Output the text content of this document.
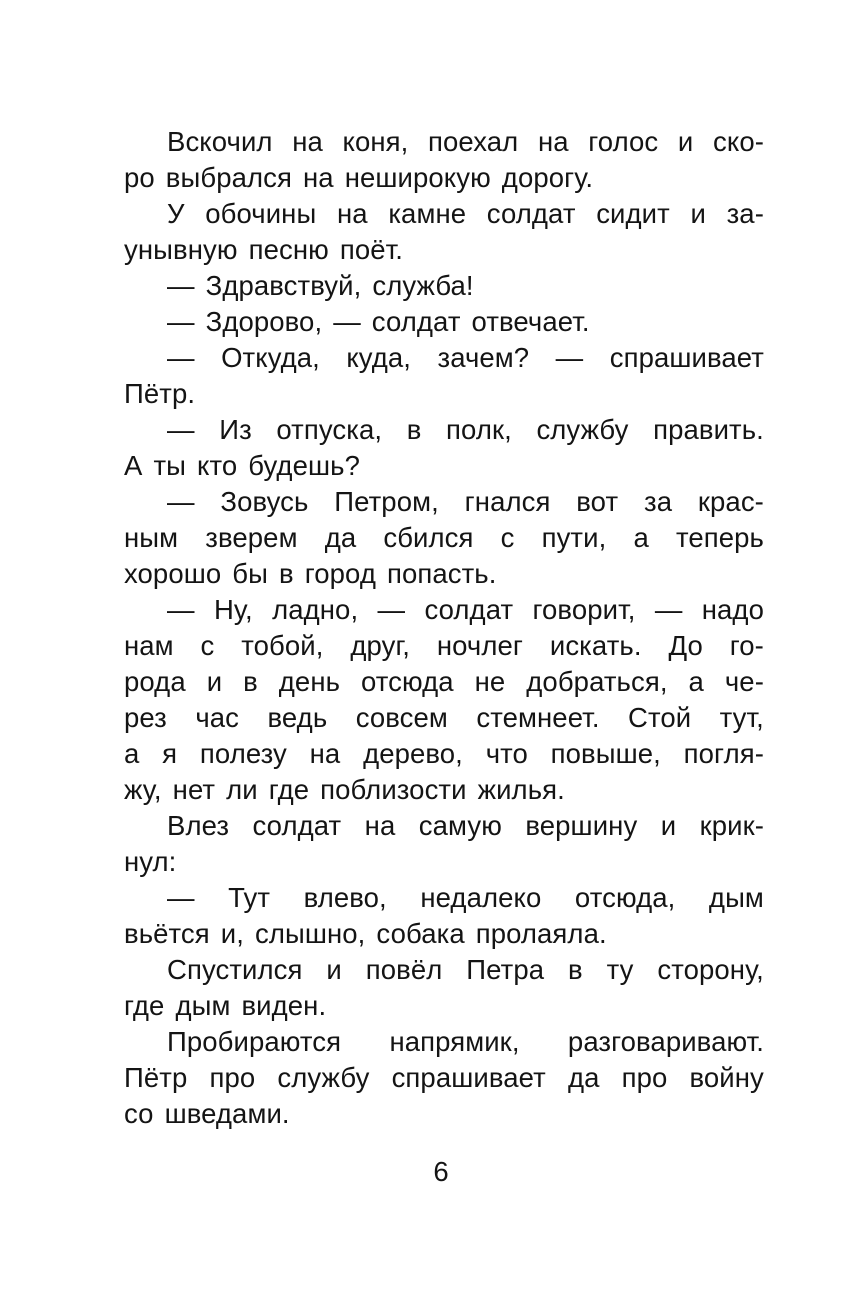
Вскочил на коня, поехал на голос и ско-
ро выбрался на неширокую дорогу.
У обочины на камне солдат сидит и за-
унывную песню поёт.
— Здравствуй, служба!
— Здорово, — солдат отвечает.
— Откуда, куда, зачем? — спрашивает
Пётр.
— Из отпуска, в полк, службу править.
А ты кто будешь?
— Зовусь Петром, гнался вот за крас-
ным зверем да сбился с пути, а теперь
хорошо бы в город попасть.
— Ну, ладно, — солдат говорит, — надо
нам с тобой, друг, ночлег искать. До го-
рода и в день отсюда не добраться, а че-
рез час ведь совсем стемнеет. Стой тут,
а я полезу на дерево, что повыше, погля-
жу, нет ли где поблизости жилья.
Влез солдат на самую вершину и крик-
нул:
— Тут влево, недалеко отсюда, дым
вьётся и, слышно, собака пролаяла.
Спустился и повёл Петра в ту сторону,
где дым виден.
Пробираются напрямик, разговаривают.
Пётр про службу спрашивает да про войну
со шведами.
6
